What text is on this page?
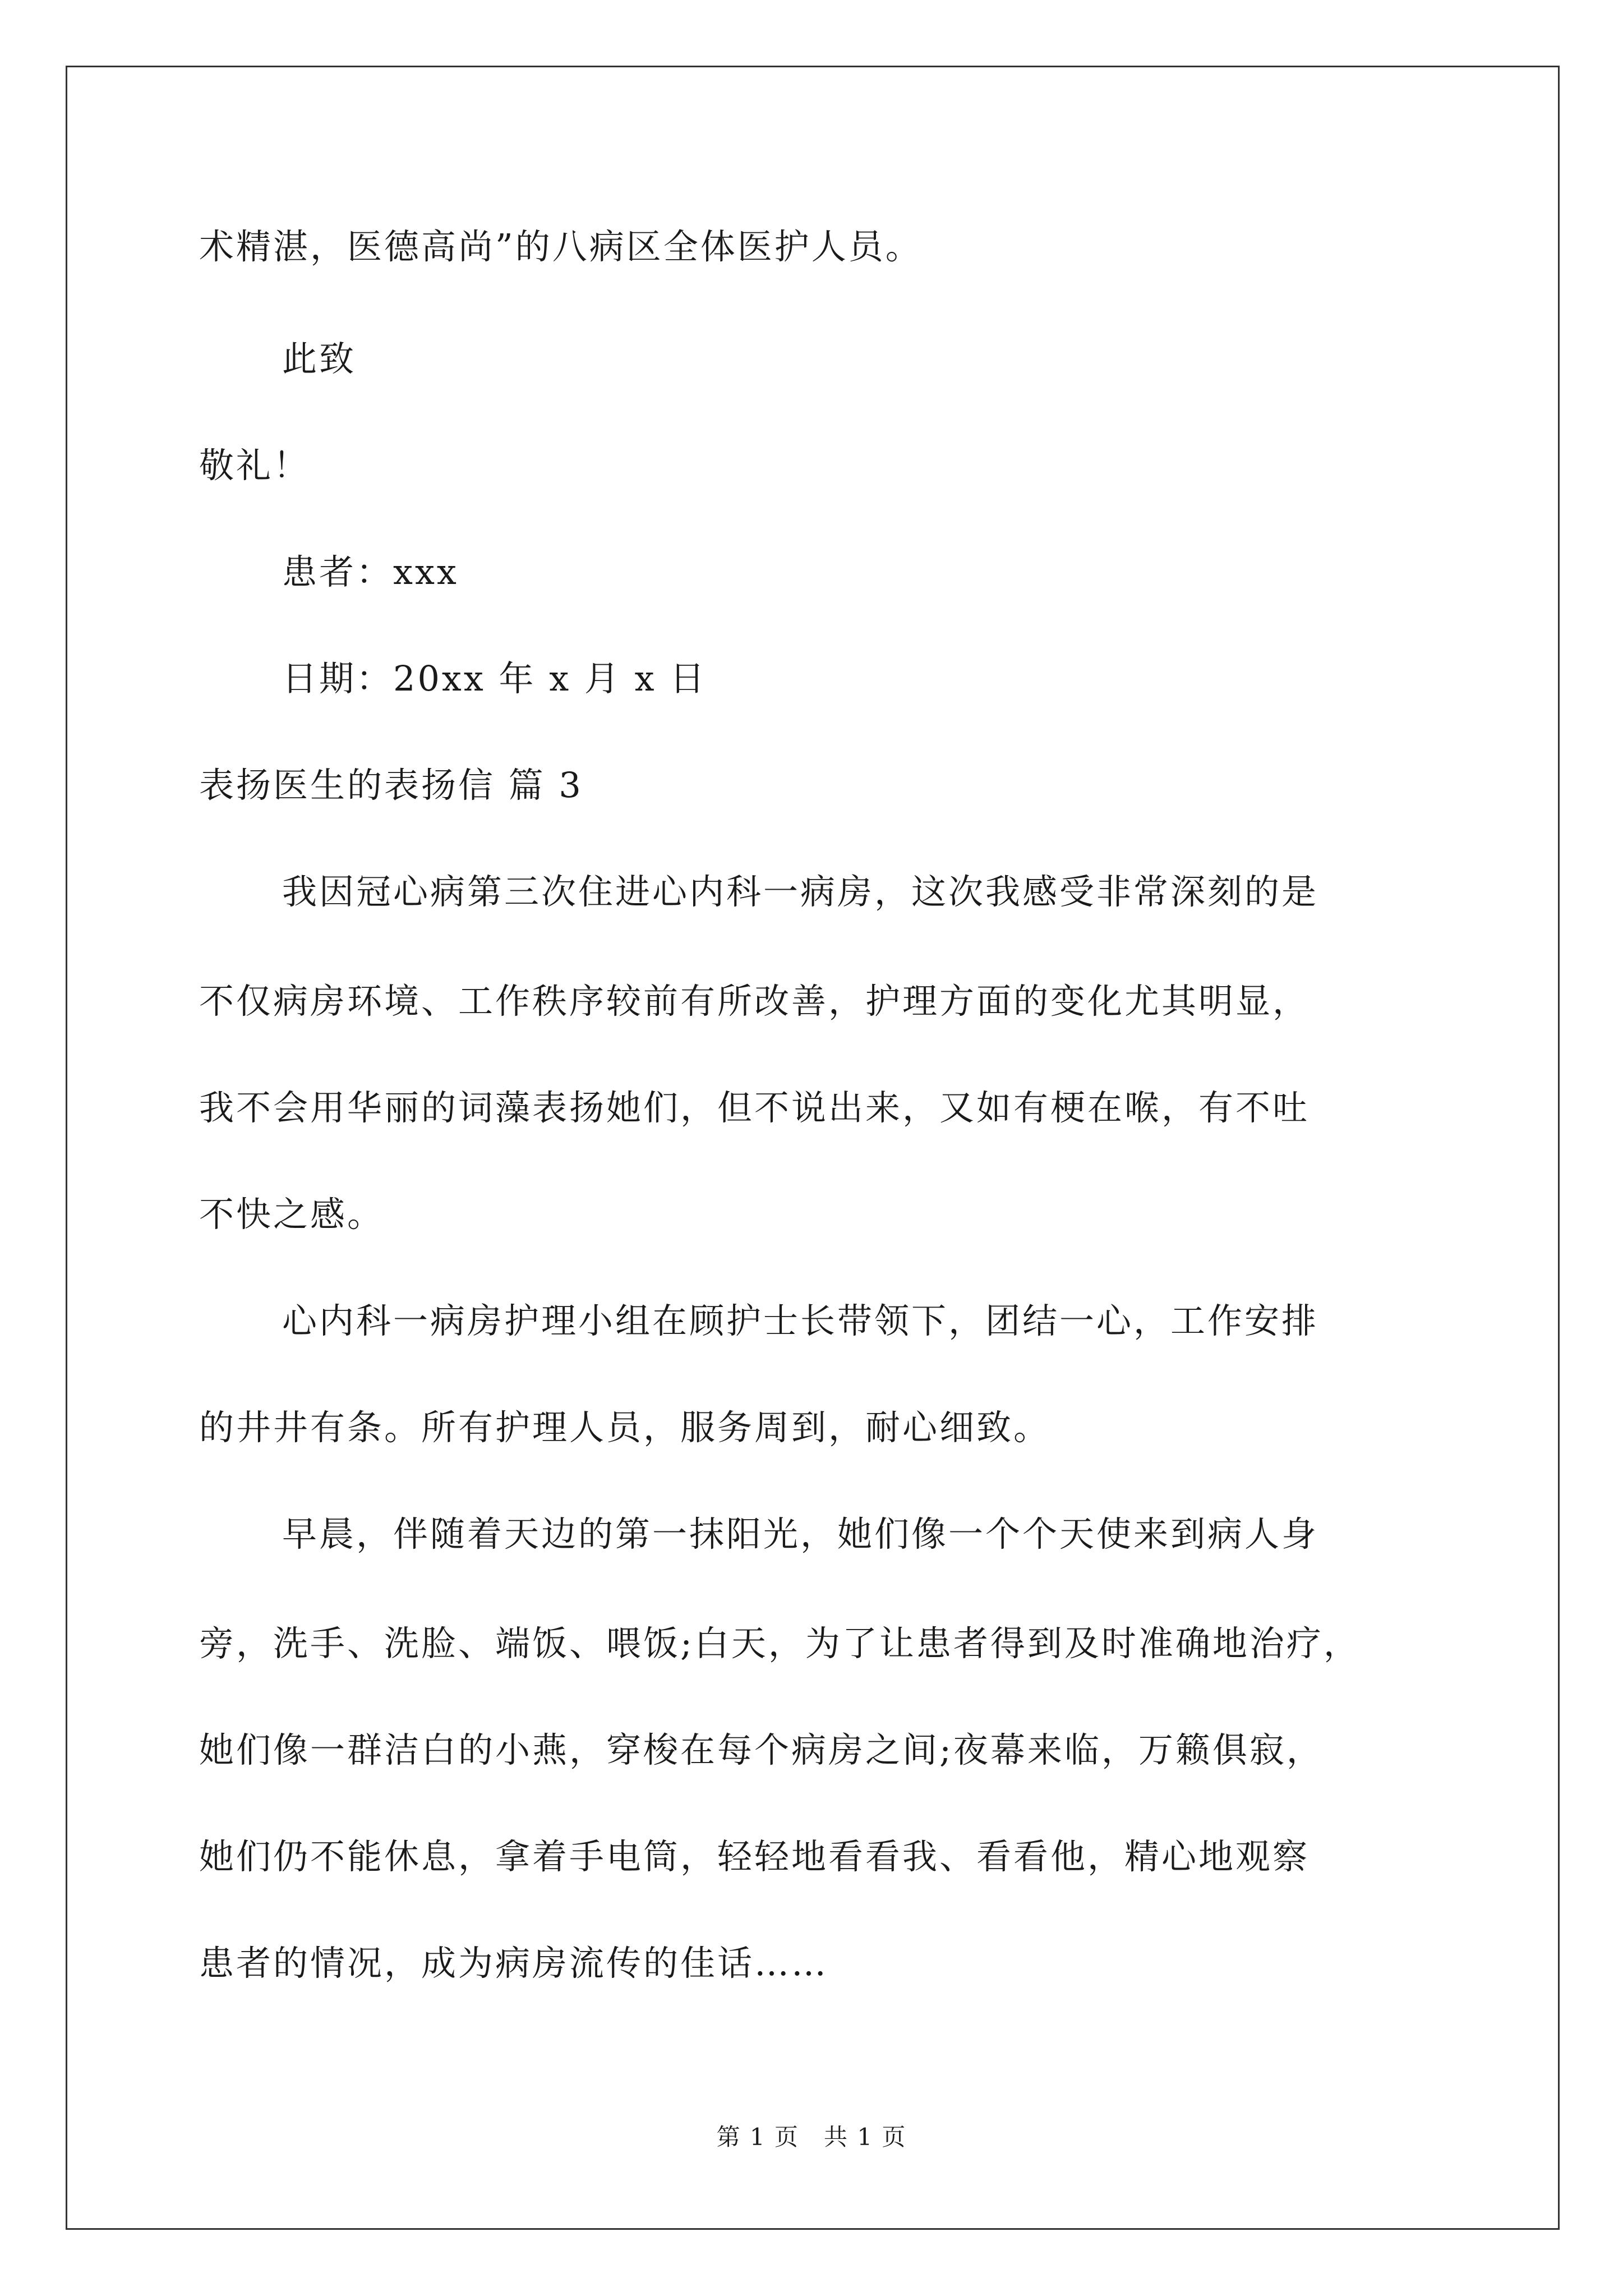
术精湛，医德高尚”的八病区全体医护人员。
此致
敬礼！
患者：xxx
日期：20xx 年 x 月 x 日
表扬医生的表扬信 篇 3
我因冠心病第三次住进心内科一病房，这次我感受非常深刻的是
不仅病房环境、工作秩序较前有所改善，护理方面的变化尤其明显，
我不会用华丽的词藻表扬她们，但不说出来，又如有梗在喉，有不吐
不快之感。
心内科一病房护理小组在顾护士长带领下，团结一心，工作安排
的井井有条。所有护理人员，服务周到，耐心细致。
早晨，伴随着天边的第一抹阳光，她们像一个个天使来到病人身
旁，洗手、洗脸、端饭、喂饭;白天，为了让患者得到及时准确地治疗，
她们像一群洁白的小燕，穿梭在每个病房之间;夜幕来临，万籁俱寂，
她们仍不能休息，拿着手电筒，轻轻地看看我、看看他，精心地观察
患者的情况，成为病房流传的佳话……
第 1 页　共 1 页
